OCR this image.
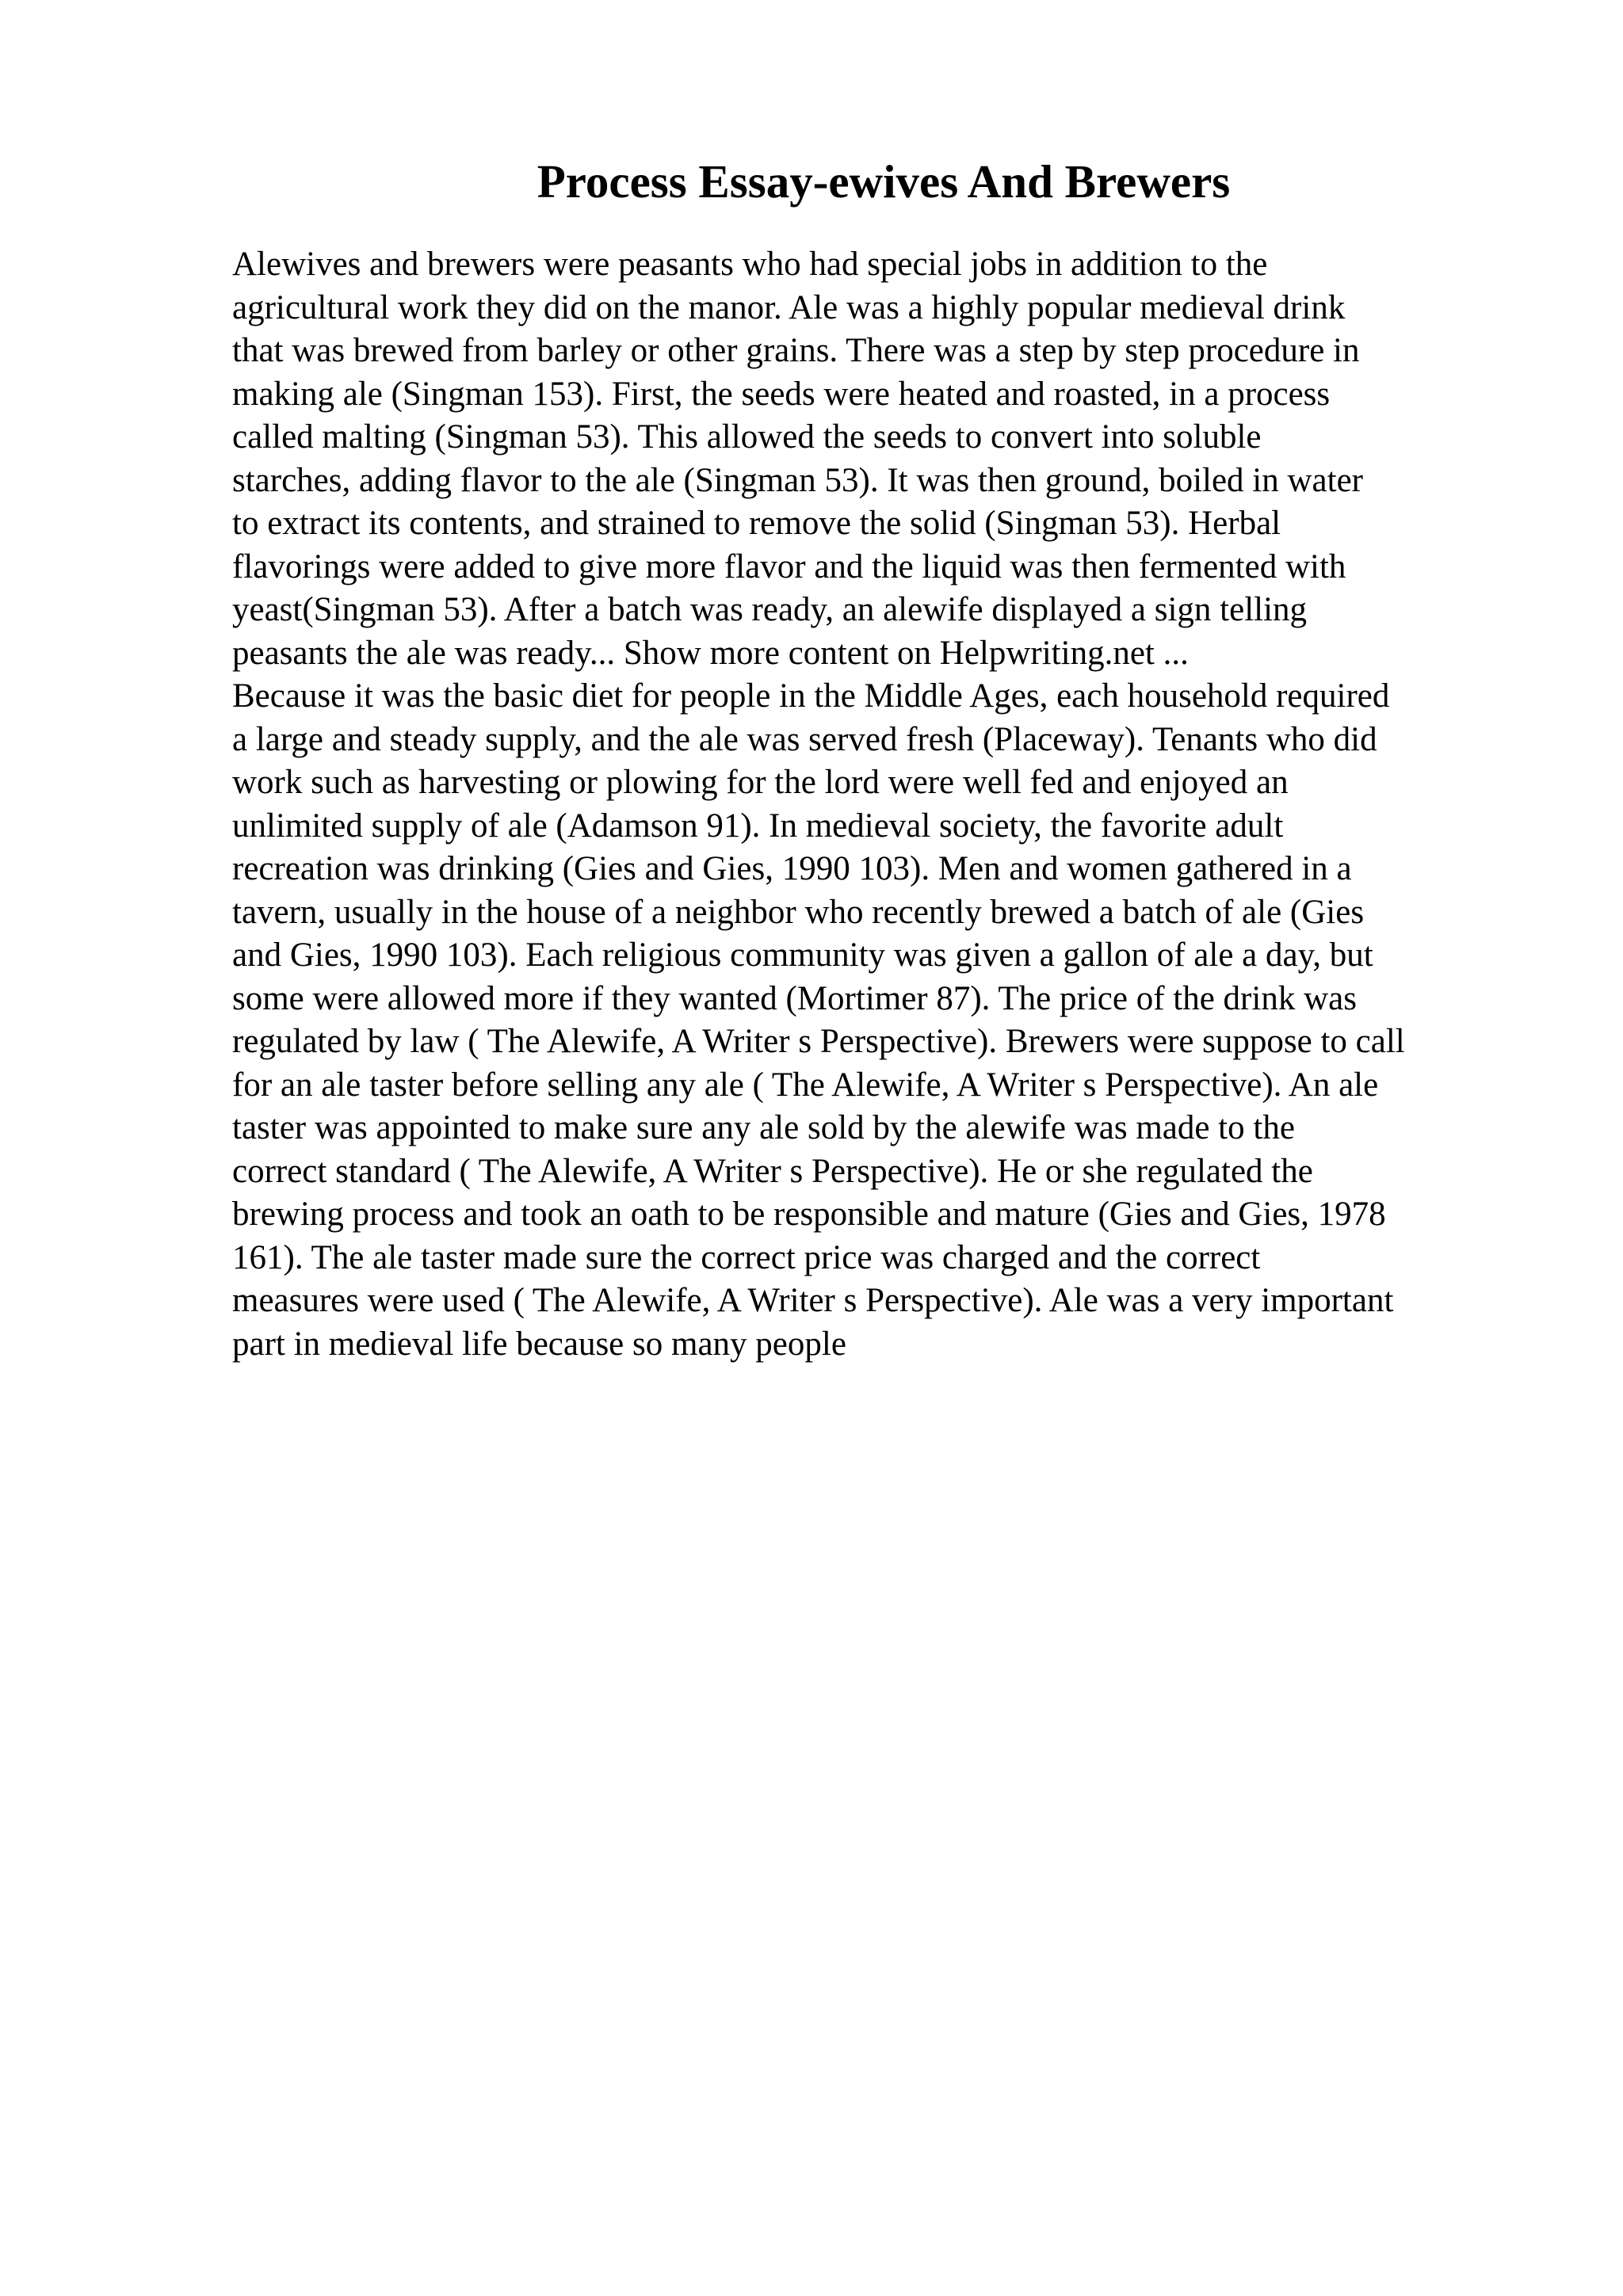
Process Essay-ewives And Brewers
Alewives and brewers were peasants who had special jobs in addition to the
agricultural work they did on the manor. Ale was a highly popular medieval drink
that was brewed from barley or other grains. There was a step by step procedure in
making ale (Singman 153). First, the seeds were heated and roasted, in a process
called malting (Singman 53). This allowed the seeds to convert into soluble
starches, adding flavor to the ale (Singman 53). It was then ground, boiled in water
to extract its contents, and strained to remove the solid (Singman 53). Herbal
flavorings were added to give more flavor and the liquid was then fermented with
yeast(Singman 53). After a batch was ready, an alewife displayed a sign telling
peasants the ale was ready... Show more content on Helpwriting.net ...
Because it was the basic diet for people in the Middle Ages, each household required
a large and steady supply, and the ale was served fresh (Placeway). Tenants who did
work such as harvesting or plowing for the lord were well fed and enjoyed an
unlimited supply of ale (Adamson 91). In medieval society, the favorite adult
recreation was drinking (Gies and Gies, 1990 103). Men and women gathered in a
tavern, usually in the house of a neighbor who recently brewed a batch of ale (Gies
and Gies, 1990 103). Each religious community was given a gallon of ale a day, but
some were allowed more if they wanted (Mortimer 87). The price of the drink was
regulated by law ( The Alewife, A Writer s Perspective). Brewers were suppose to call
for an ale taster before selling any ale ( The Alewife, A Writer s Perspective). An ale
taster was appointed to make sure any ale sold by the alewife was made to the
correct standard ( The Alewife, A Writer s Perspective). He or she regulated the
brewing process and took an oath to be responsible and mature (Gies and Gies, 1978
161). The ale taster made sure the correct price was charged and the correct
measures were used ( The Alewife, A Writer s Perspective). Ale was a very important
part in medieval life because so many people
